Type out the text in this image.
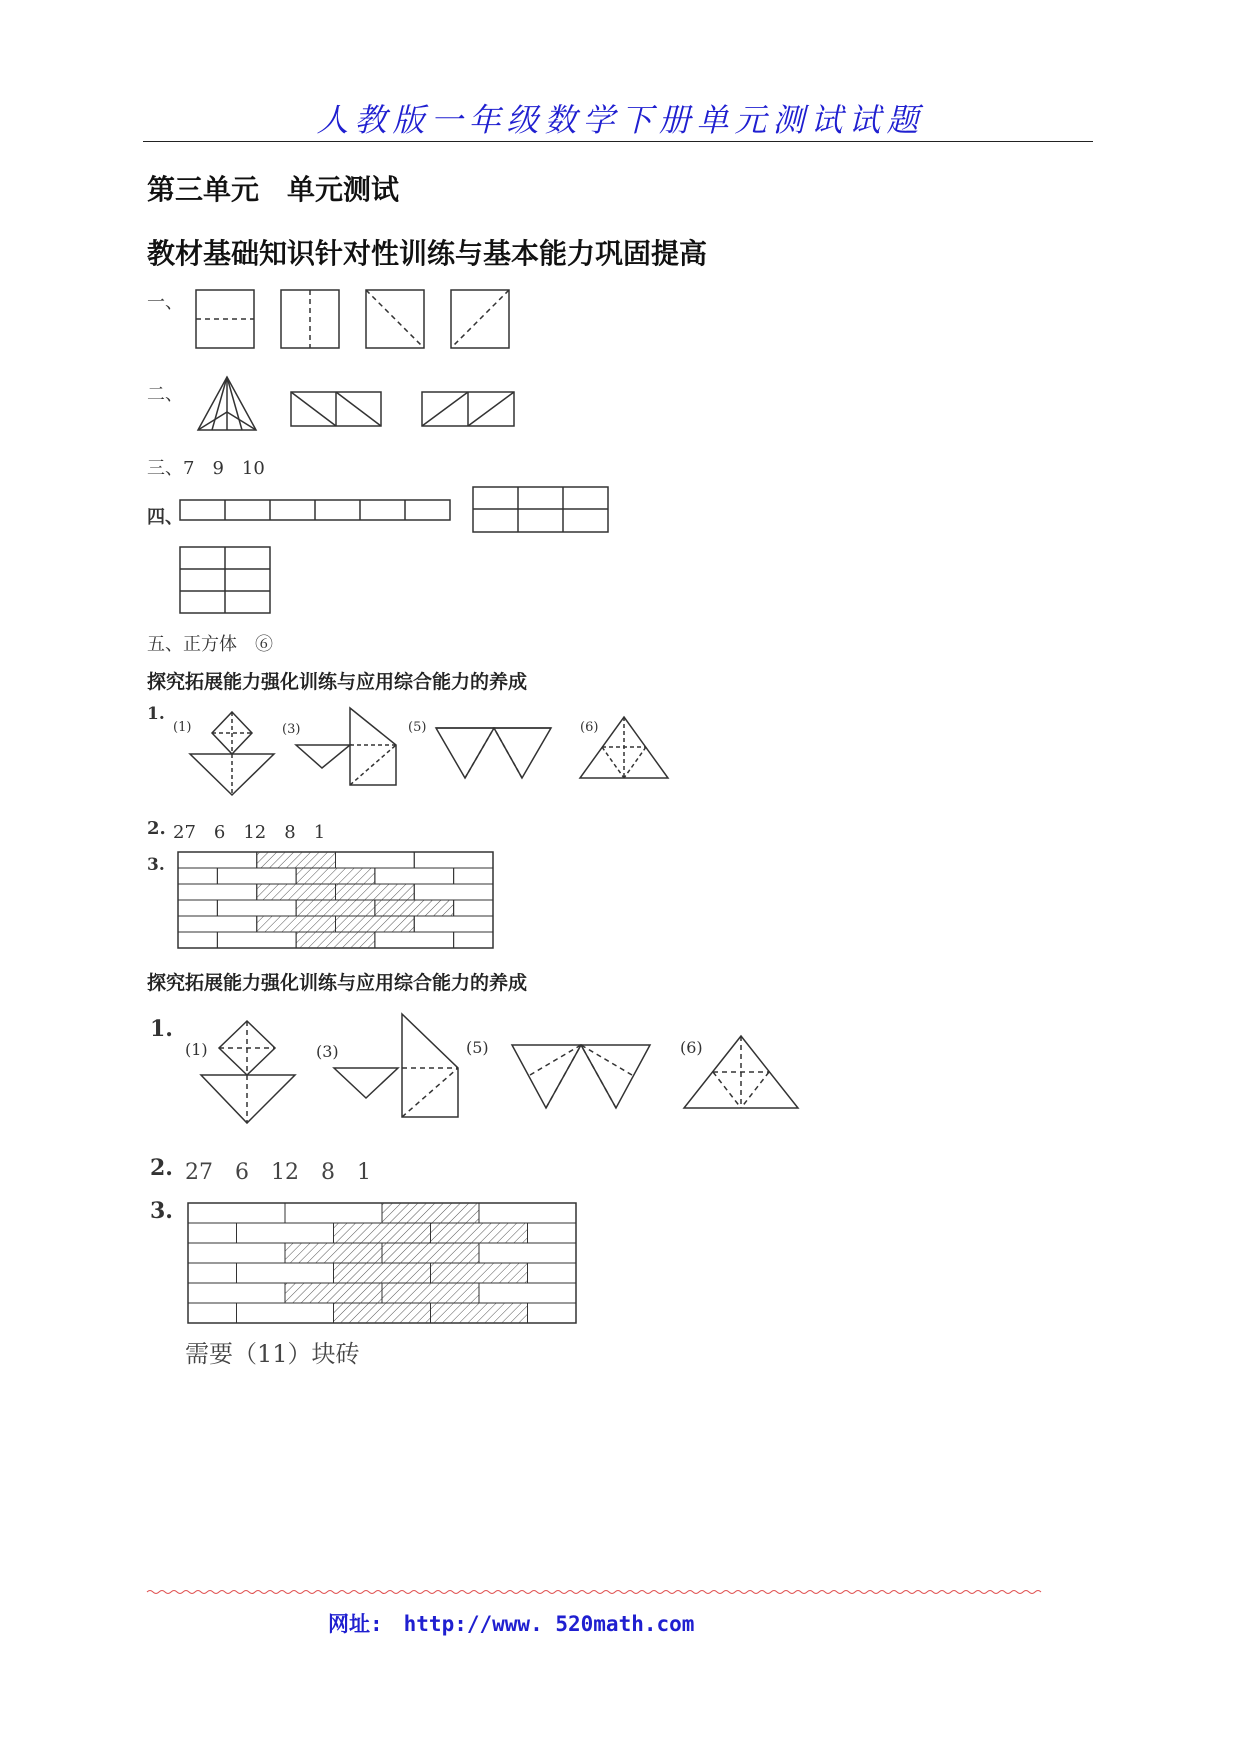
人教版一年级数学下册单元测试试题
第三单元　单元测试
教材基础知识针对性训练与基本能力巩固提高
一、
二、
三、7　9　10
四、
五、正方体　⑥
探究拓展能力强化训练与应用综合能力的养成
1.
(1)	(3)	(5)	(6)
2. 27　6　12　8　1
3.
探究拓展能力强化训练与应用综合能力的养成
1.
(1)	(3)	(5)	(6)
2. 27　6　12　8　1
3.
需要（11）块砖
网址:　http://www. 520math.com
